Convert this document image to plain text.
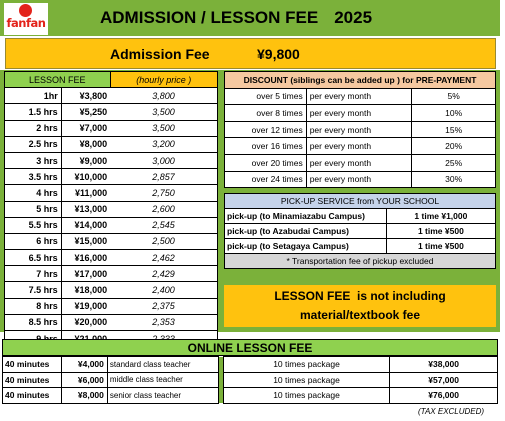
fanfan	ADMISSION / LESSON FEE 2025
Admission Fee	¥9,800
LESSON FEE		(hourly price )
1hr	¥3,800	3,800
1.5 hrs	¥5,250	3,500
2 hrs	¥7,000	3,500
2.5 hrs	¥8,000	3,200
3 hrs	¥9,000	3,000
3.5 hrs	¥10,000	2,857
4 hrs	¥11,000	2,750
5 hrs	¥13,000	2,600
5.5 hrs	¥14,000	2,545
6 hrs	¥15,000	2,500
6.5 hrs	¥16,000	2,462
7 hrs	¥17,000	2,429
7.5 hrs	¥18,000	2,400
8 hrs	¥19,000	2,375
8.5 hrs	¥20,000	2,353

DISCOUNT (siblings can be added up ) for PRE-PAYMENT		
over 5 times	per every month	5%
over 8 times	per every month	10%
over 12 times	per every month	15%
over 16 times	per every month	20%
over 20 times	per every month	25%
over 24 times	per every month	30%
PICK-UP SERVICE from YOUR SCHOOL	
pick-up (to Minamiazabu Campus)	1 time ¥1,000
pick-up (to Azabudai Campus)	1 time ¥500
pick-up (to Setagaya Campus)	1 time ¥500
* Transportation fee of pickup excluded	
LESSON FEE  is not including
material/textbook fee
ONLINE LESSON FEE
40 minutes	¥4,000	standard class teacher		10 times package	¥38,000
40 minutes	¥6,000	middle class teacher		10 times package	¥57,000
40 minutes	¥8,000	senior class teacher		10 times package	¥76,000
(TAX EXCLUDED)
